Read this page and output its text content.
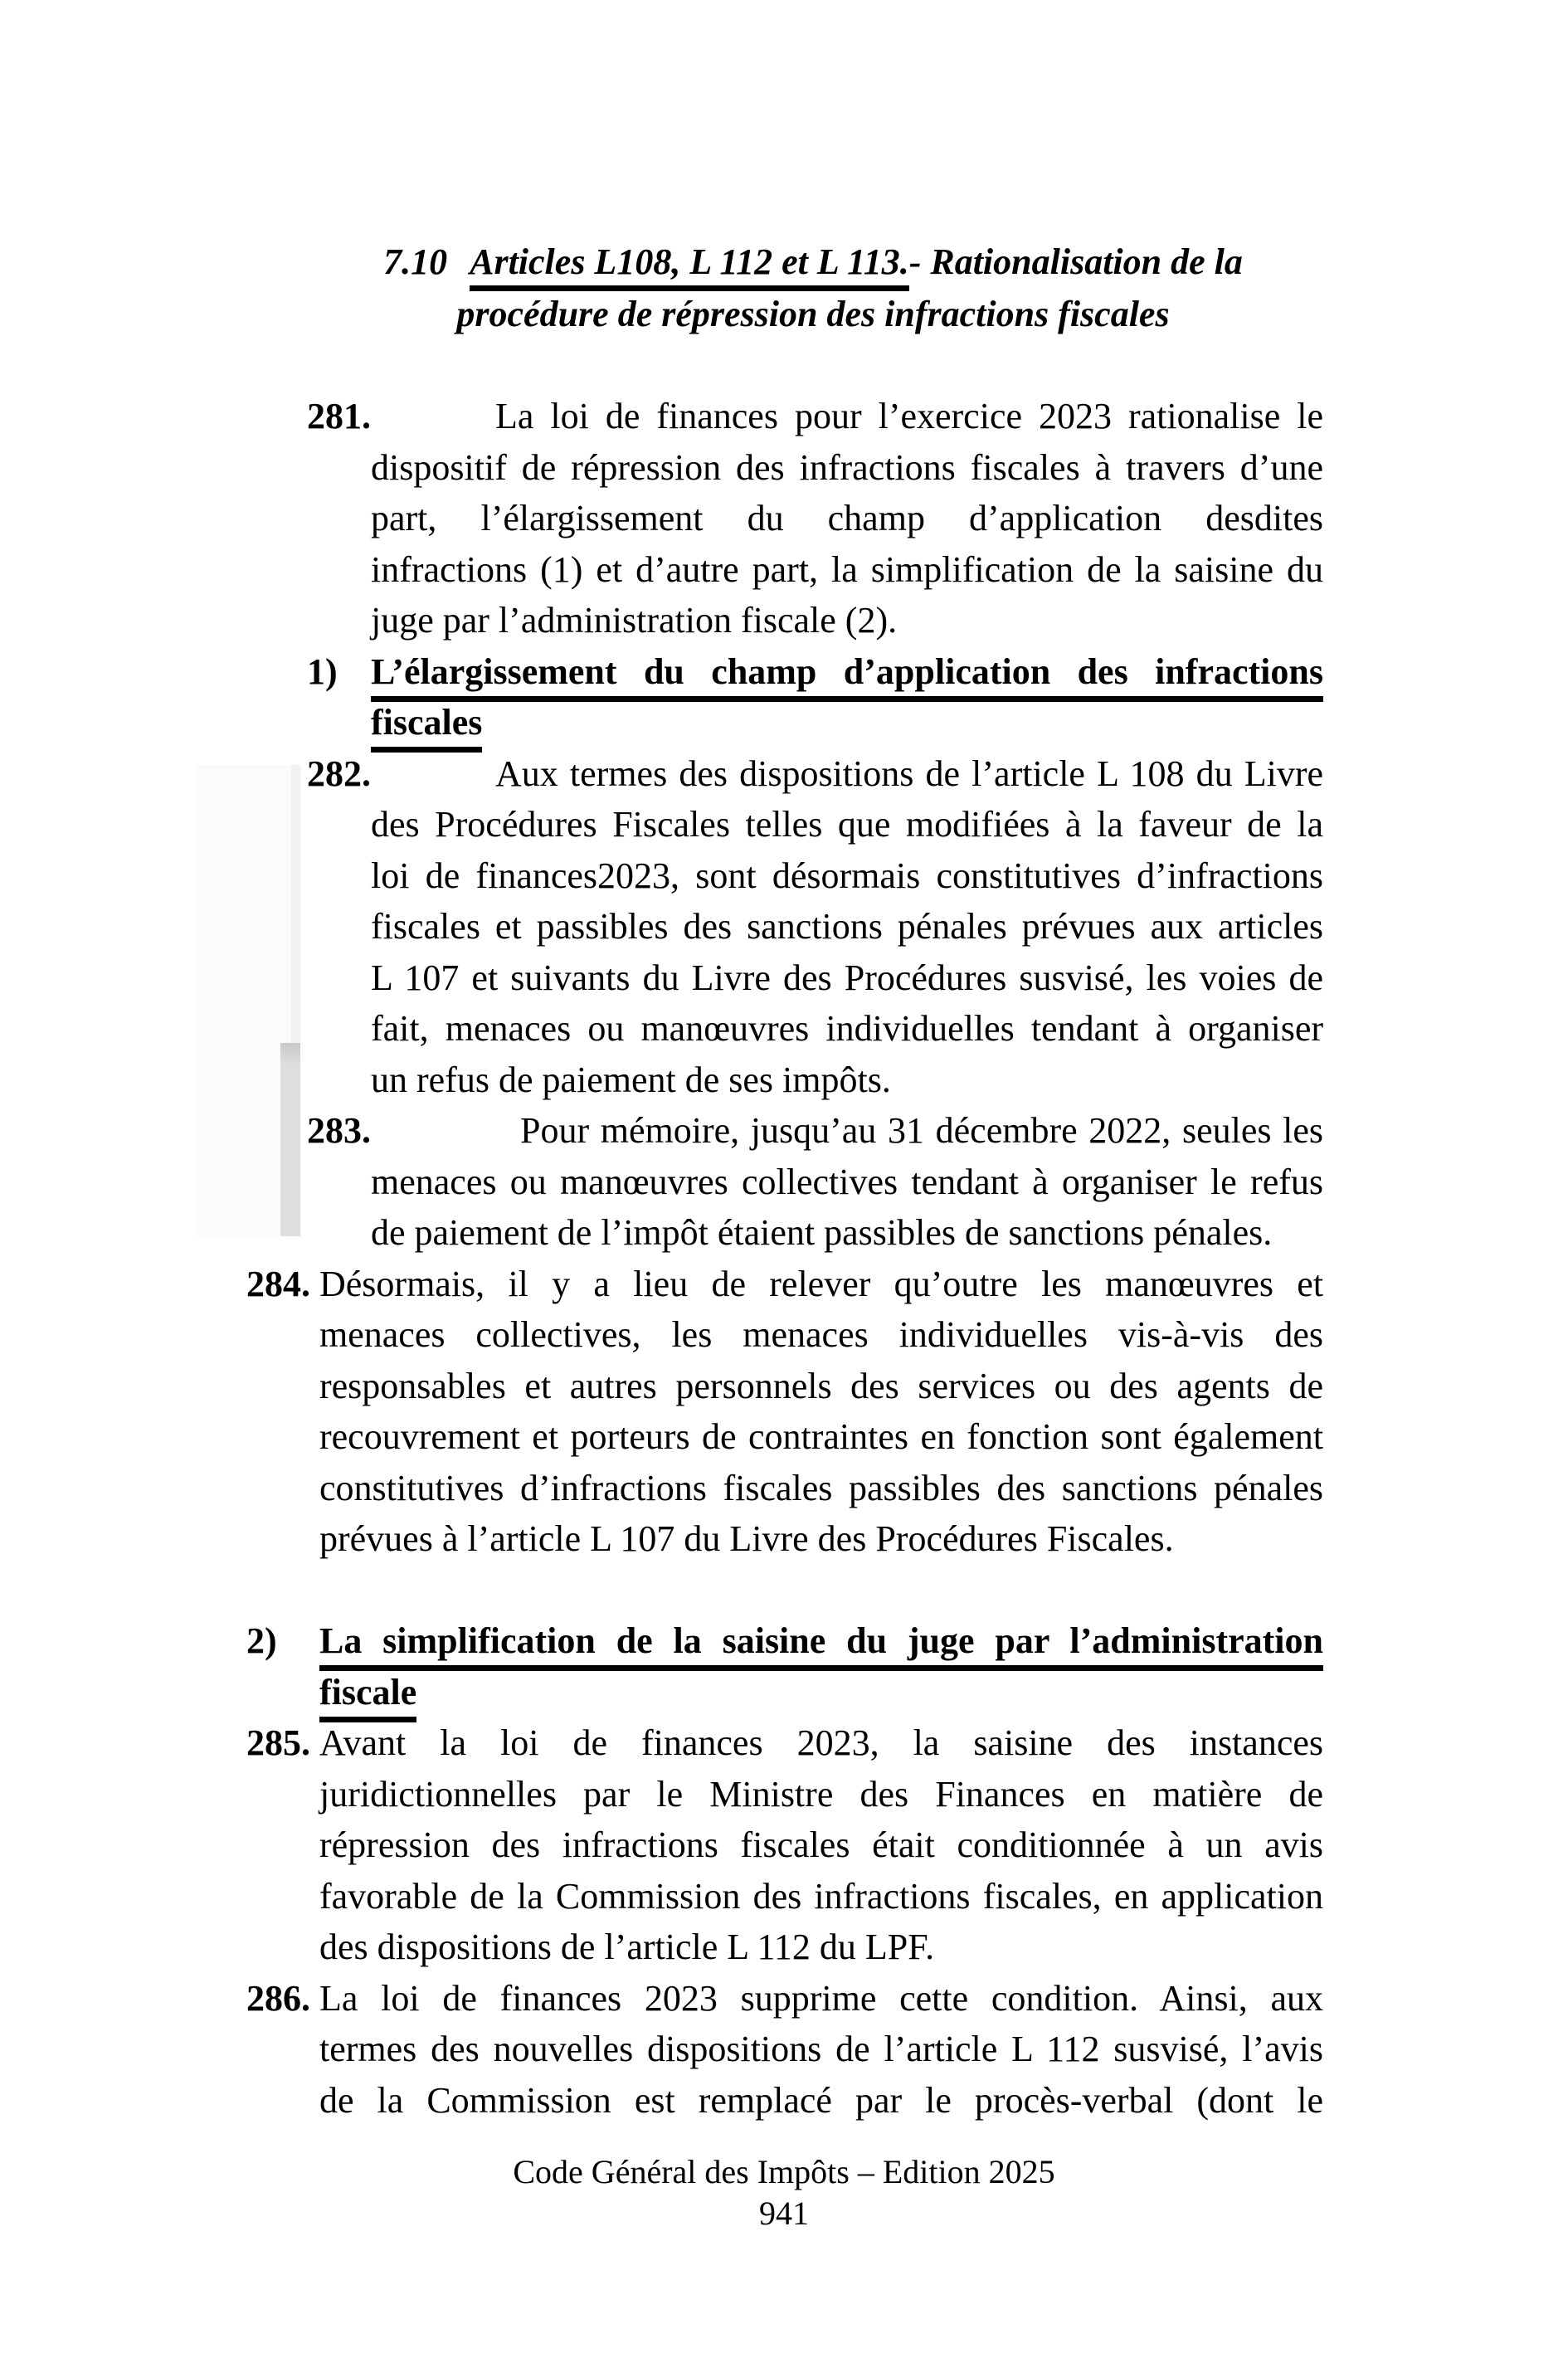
7.10 Articles L108, L 112 et L 113.- Rationalisation de la
procédure de répression des infractions fiscales
281.	La loi de finances pour l’exercice 2023 rationalise le
dispositif de répression des infractions fiscales à travers d’une
part, l’élargissement du champ d’application desdites
infractions (1) et d’autre part, la simplification de la saisine du
juge par l’administration fiscale (2).
1) L’élargissement du champ d’application des infractions
fiscales
282.	Aux termes des dispositions de l’article L 108 du Livre
des Procédures Fiscales telles que modifiées à la faveur de la
loi de finances2023, sont désormais constitutives d’infractions
fiscales et passibles des sanctions pénales prévues aux articles
L 107 et suivants du Livre des Procédures susvisé, les voies de
fait, menaces ou manœuvres individuelles tendant à organiser
un refus de paiement de ses impôts.
283.	Pour mémoire, jusqu’au 31 décembre 2022, seules les
menaces ou manœuvres collectives tendant à organiser le refus
de paiement de l’impôt étaient passibles de sanctions pénales.
284. Désormais, il y a lieu de relever qu’outre les manœuvres et
menaces collectives, les menaces individuelles vis-à-vis des
responsables et autres personnels des services ou des agents de
recouvrement et porteurs de contraintes en fonction sont également
constitutives d’infractions fiscales passibles des sanctions pénales
prévues à l’article L 107 du Livre des Procédures Fiscales.
2) La simplification de la saisine du juge par l’administration
fiscale
285. Avant la loi de finances 2023, la saisine des instances
juridictionnelles par le Ministre des Finances en matière de
répression des infractions fiscales était conditionnée à un avis
favorable de la Commission des infractions fiscales, en application
des dispositions de l’article L 112 du LPF.
286. La loi de finances 2023 supprime cette condition. Ainsi, aux
termes des nouvelles dispositions de l’article L 112 susvisé, l’avis
de la Commission est remplacé par le procès-verbal (dont le
Code Général des Impôts – Edition 2025
941
